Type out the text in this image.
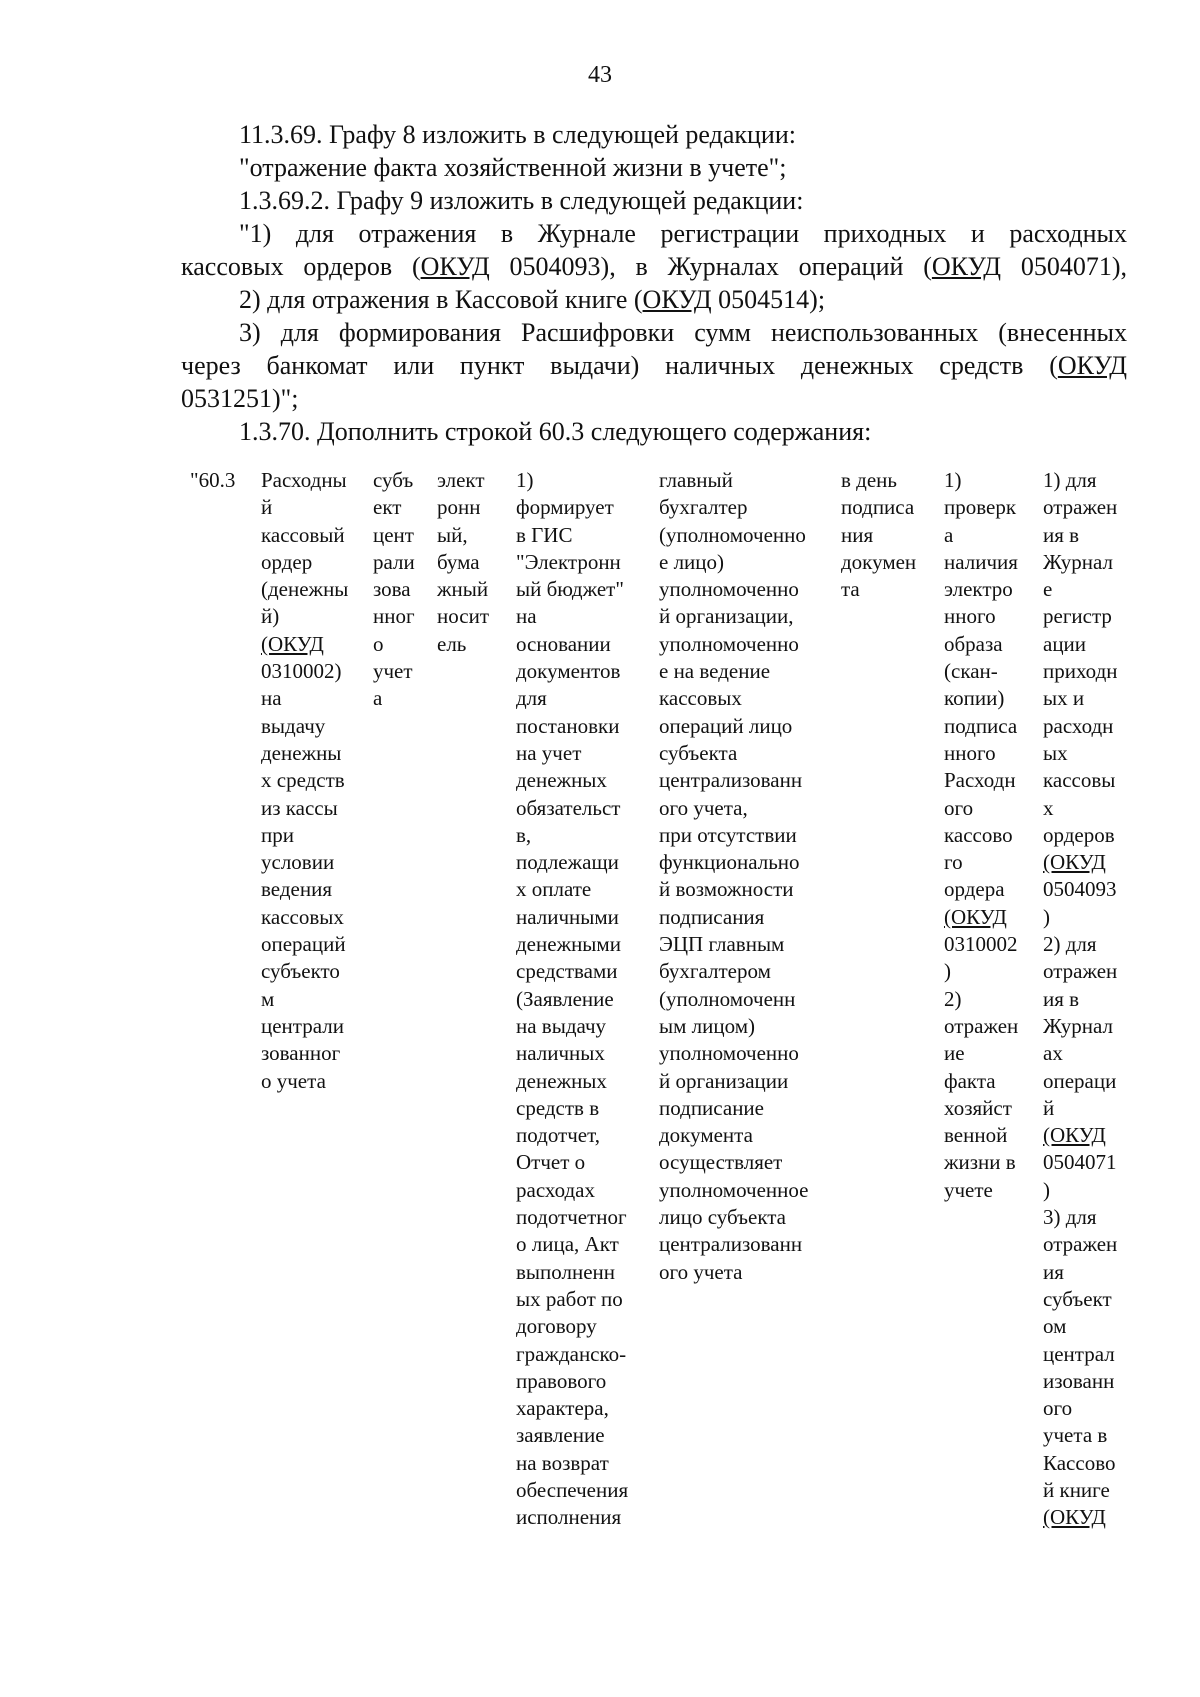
43

11.3.69. Графу 8 изложить в следующей редакции:

"отражение факта хозяйственной жизни в учете";

1.3.69.2. Графу 9 изложить в следующей редакции:

"1) для отражения в Журнале регистрации приходных и расходных

кассовых ордеров (ОКУД 0504093), в Журналах операций (ОКУД 0504071),

2) для отражения в Кассовой книге (ОКУД 0504514);

3) для формирования Расшифровки сумм неиспользованных (внесенных

через банкомат или пункт выдачи) наличных денежных средств (ОКУД

0531251)";

1.3.70. Дополнить строкой 60.3 следующего содержания:

"60.3 Расходны
й
кассовый
ордер
(денежны
й)
(ОКУД
0310002)
на
выдачу
денежны
х средств
из кассы
при
условии
ведения
кассовых
операций
субъекто
м
централи
зованног
о учета
субъ
ект
цент
рали
зова
нног
о
учет
а
элект
ронн
ый,
бума
жный
носит
ель
1)
формирует
в ГИС
"Электронн
ый бюджет"
на
основании
документов
для
постановки
на учет
денежных
обязательст
в,
подлежащи
х оплате
наличными
денежными
средствами
(Заявление
на выдачу
наличных
денежных
средств в
подотчет,
Отчет о
расходах
подотчетног
о лица, Акт
выполненн
ых работ по
договору
гражданско-
правового
характера,
заявление
на возврат
обеспечения
исполнения
главный
бухгалтер
(уполномоченно
е лицо)
уполномоченно
й организации,
уполномоченно
е на ведение
кассовых
операций лицо
субъекта
централизованн
ого учета,
при отсутствии
функционально
й возможности
подписания
ЭЦП главным
бухгалтером
(уполномоченн
ым лицом)
уполномоченно
й организации
подписание
документа
осуществляет
уполномоченное
лицо субъекта
централизованн
ого учета
в день
подписа
ния
докумен
та
1)
проверк
а
наличия
электро
нного
образа
(скан-
копии)
подписа
нного
Расходн
ого
кассово
го
ордера
(ОКУД
0310002
)
2)
отражен
ие
факта
хозяйст
венной
жизни в
учете
1) для
отражен
ия в
Журнал
е
регистр
ации
приходн
ых и
расходн
ых
кассовы
х
ордеров
(ОКУД
0504093
)
2) для
отражен
ия в
Журнал
ах
операци
й
(ОКУД
0504071
)
3) для
отражен
ия
субъект
ом
централ
изованн
ого
учета в
Кассово
й книге
(ОКУД
